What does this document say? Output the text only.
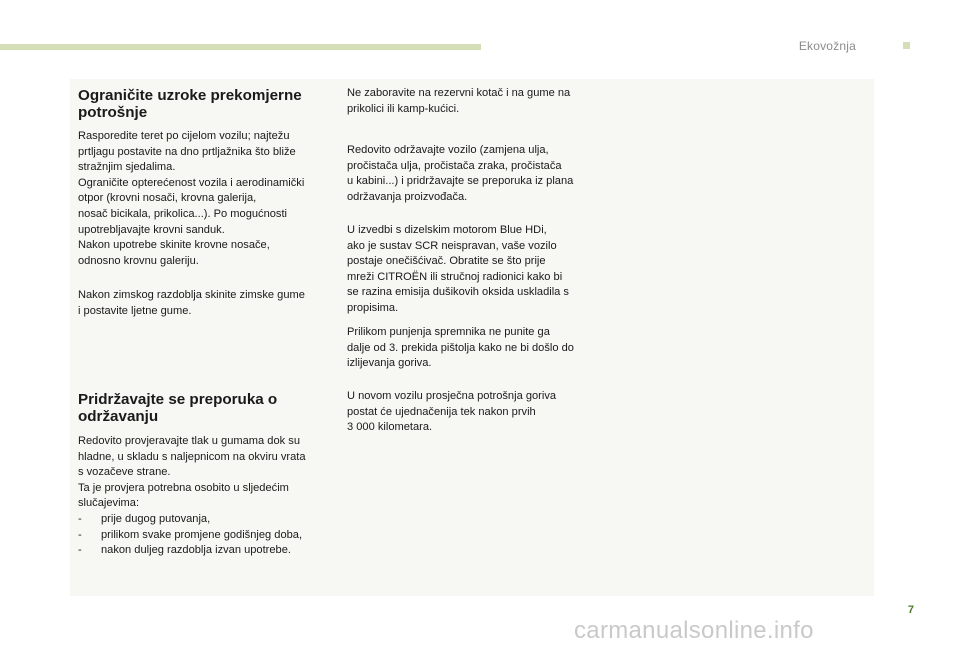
Ekovožnja
Ograničite uzroke prekomjerne potrošnje

Rasporedite teret po cijelom vozilu; najtežu

prtljagu postavite na dno prtljažnika što bliže

stražnjim sjedalima.

Ograničite opterećenost vozila i aerodinamički

otpor (krovni nosači, krovna galerija,

nosač bicikala, prikolica...). Po mogućnosti

upotrebljavajte krovni sanduk.

Nakon upotrebe skinite krovne nosače,

odnosno krovnu galeriju.

Nakon zimskog razdoblja skinite zimske gume

i postavite ljetne gume.

Pridržavajte se preporuka o održavanju

Redovito provjeravajte tlak u gumama dok su

hladne, u skladu s naljepnicom na okviru vrata

s vozačeve strane.

Ta je provjera potrebna osobito u sljedećim

slučajevima:

-	prije dugog putovanja,

-	prilikom svake promjene godišnjeg doba,

-	nakon duljeg razdoblja izvan upotrebe.

Ne zaboravite na rezervni kotač i na gume na

prikolici ili kamp-kućici.

Redovito održavajte vozilo (zamjena ulja,

pročistača ulja, pročistača zraka, pročistača

u kabini...) i pridržavajte se preporuka iz plana

održavanja proizvođača.

U izvedbi s dizelskim motorom Blue HDi,

ako je sustav SCR neispravan, vaše vozilo

postaje onečišćivač. Obratite se što prije

mreži CITROËN ili stručnoj radionici kako bi

se razina emisija dušikovih oksida uskladila s

propisima.

Prilikom punjenja spremnika ne punite ga

dalje od 3. prekida pištolja kako ne bi došlo do

izlijevanja goriva.

U novom vozilu prosječna potrošnja goriva

postat će ujednačenija tek nakon prvih

3 000 kilometara.

7
carmanualsonline.info
